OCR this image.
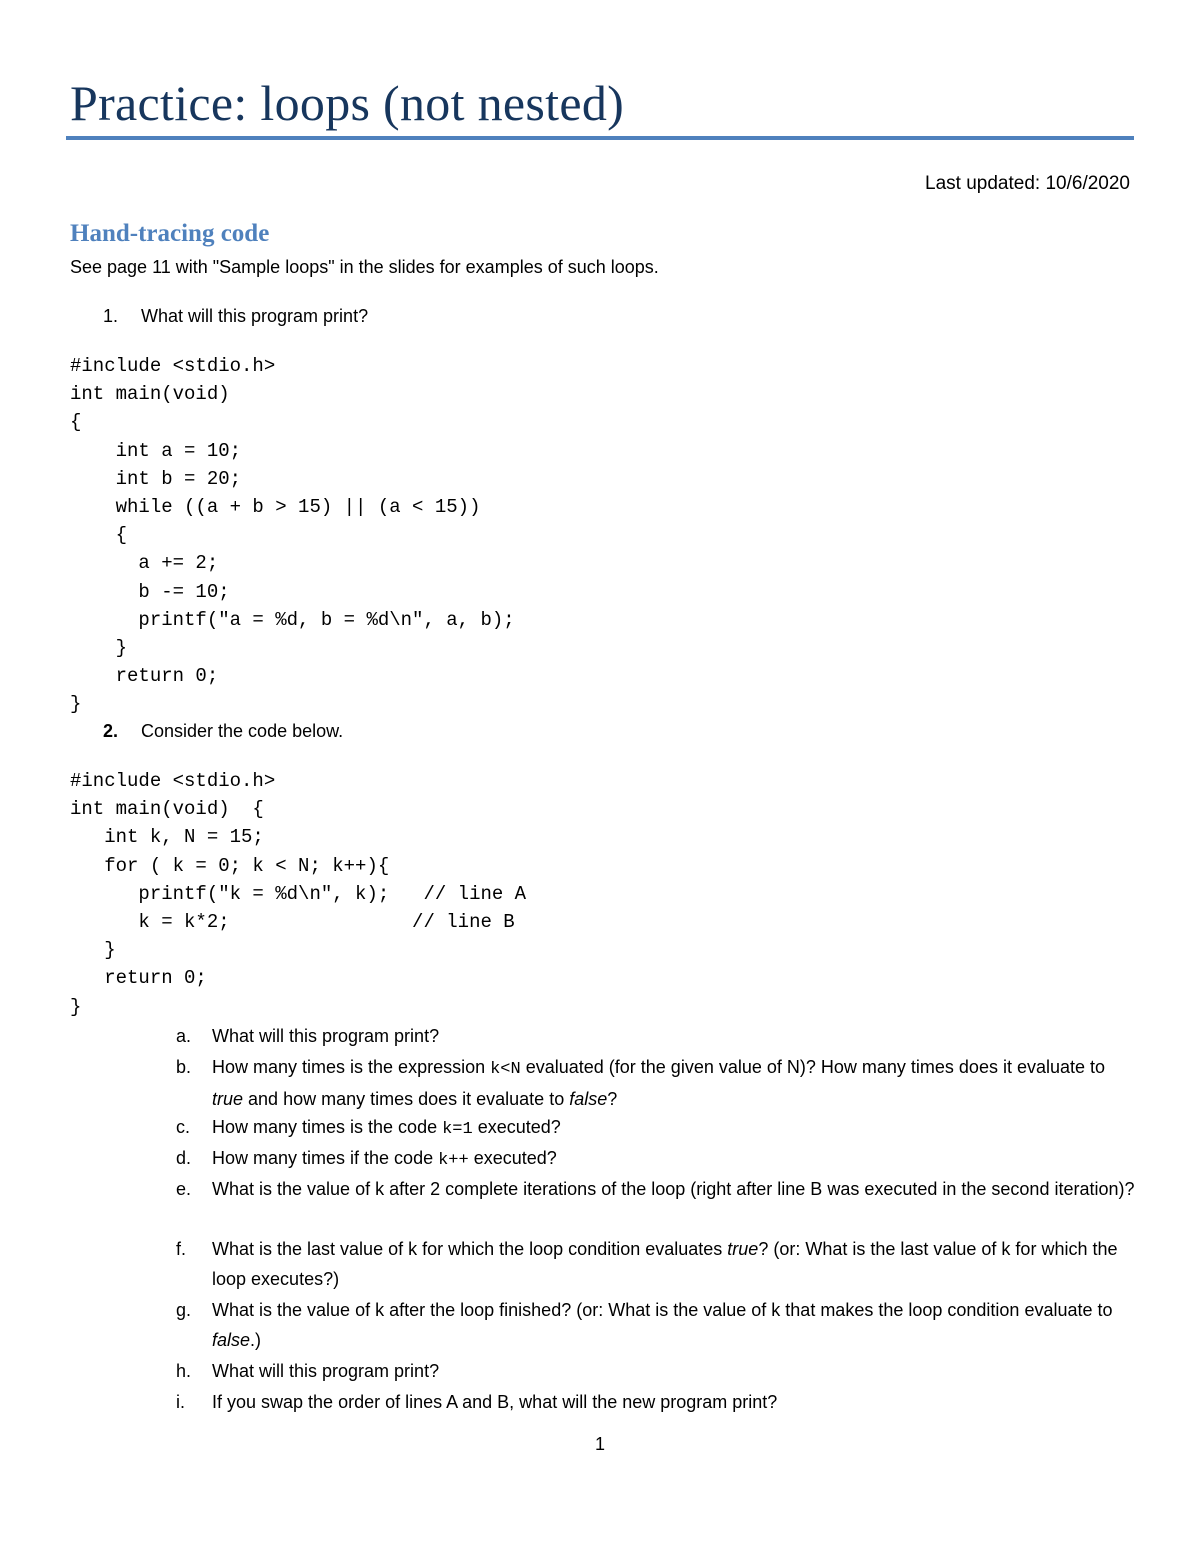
Practice: loops (not nested)
Last updated: 10/6/2020
Hand-tracing code
See page 11 with "Sample loops" in the slides for examples of such loops.
1. What will this program print?
#include <stdio.h>
int main(void)
{
int a = 10;
int b = 20;
while ((a + b > 15) || (a < 15))
{
a += 2;
b -= 10;
printf("a = %d, b = %d\n", a, b);
}
return 0;
}
2. Consider the code below.
#include <stdio.h>
int main(void)  {
int k, N = 15;
for ( k = 0; k < N; k++){
printf("k = %d\n", k);   // line A
k = k*2;                // line B
}
return 0;
}
a. What will this program print?
b. How many times is the expression k<N evaluated (for the given value of N)? How many times does it evaluate to true and how many times does it evaluate to false?
c. How many times is the code k=1 executed?
d. How many times if the code k++ executed?
e. What is the value of k after 2 complete iterations of the loop (right after line B was executed in the second iteration)?
f. What is the last value of k for which the loop condition evaluates true? (or: What is the last value of k for which the loop executes?)
g. What is the value of k after the loop finished? (or: What is the value of k that makes the loop condition evaluate to false.)
h. What will this program print?
i. If you swap the order of lines A and B, what will the new program print?
1
